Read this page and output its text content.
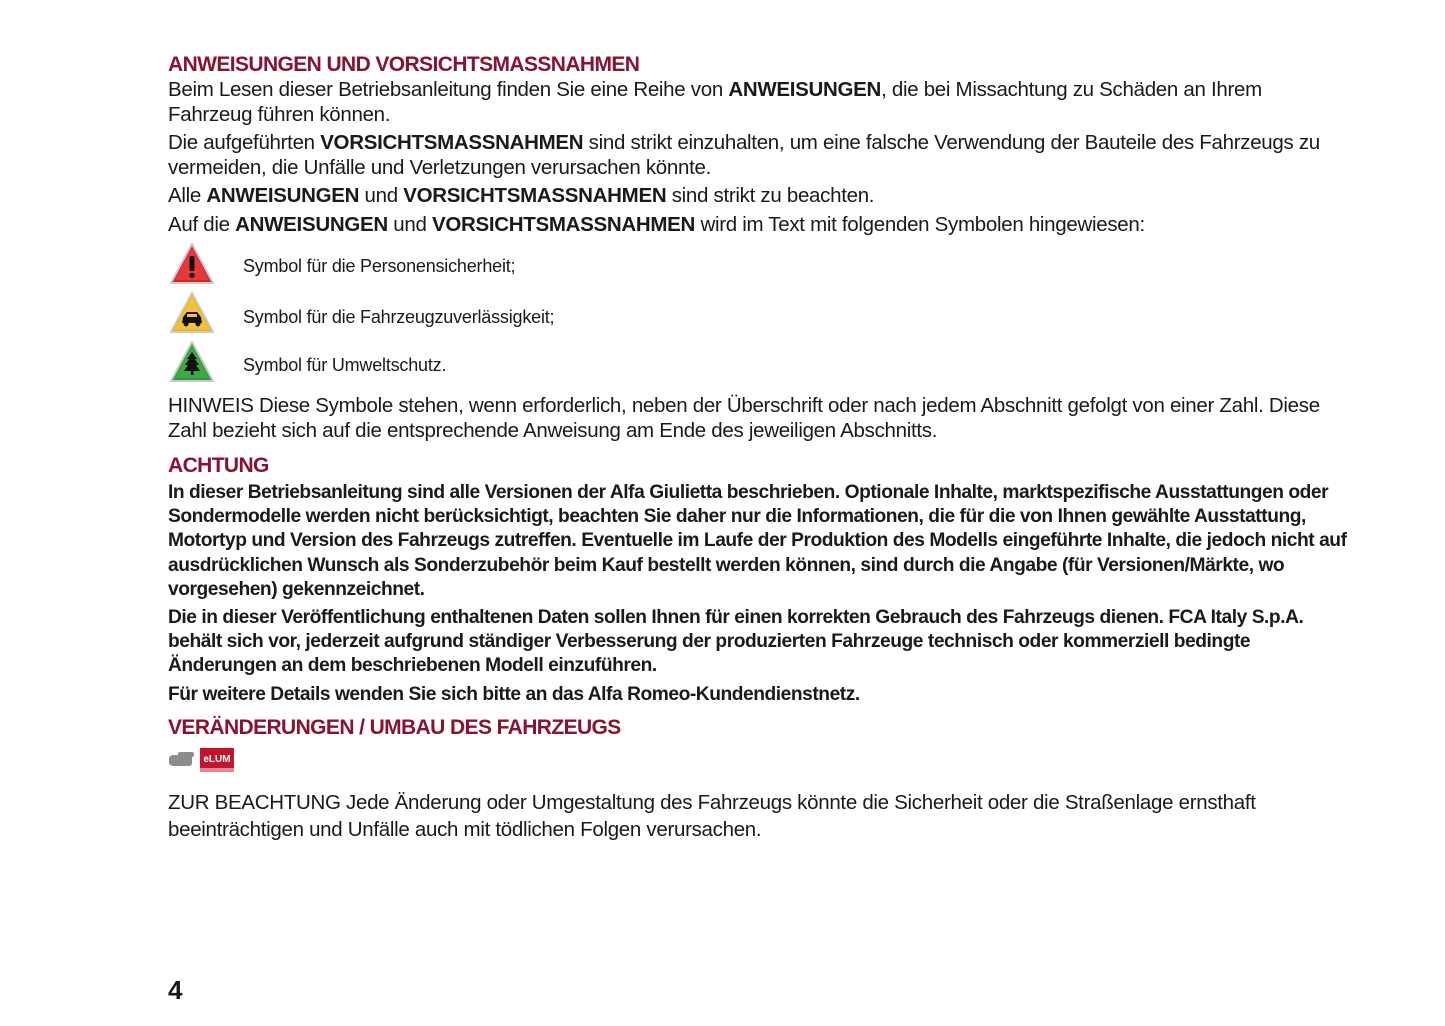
ANWEISUNGEN UND VORSICHTSMASSNAHMEN

Beim Lesen dieser Betriebsanleitung finden Sie eine Reihe von ANWEISUNGEN, die bei Missachtung zu Schäden an Ihrem Fahrzeug führen können.

Die aufgeführten VORSICHTSMASSNAHMEN sind strikt einzuhalten, um eine falsche Verwendung der Bauteile des Fahrzeugs zu vermeiden, die Unfälle und Verletzungen verursachen könnte.

Alle ANWEISUNGEN und VORSICHTSMASSNAHMEN sind strikt zu beachten.

Auf die ANWEISUNGEN und VORSICHTSMASSNAHMEN wird im Text mit folgenden Symbolen hingewiesen:

Symbol für die Personensicherheit;
Symbol für die Fahrzeugzuverlässigkeit;
Symbol für Umweltschutz.

HINWEIS Diese Symbole stehen, wenn erforderlich, neben der Überschrift oder nach jedem Abschnitt gefolgt von einer Zahl. Diese Zahl bezieht sich auf die entsprechende Anweisung am Ende des jeweiligen Abschnitts.

ACHTUNG

In dieser Betriebsanleitung sind alle Versionen der Alfa Giulietta beschrieben. Optionale Inhalte, marktspezifische Ausstattungen oder Sondermodelle werden nicht berücksichtigt, beachten Sie daher nur die Informationen, die für die von Ihnen gewählte Ausstattung, Motortyp und Version des Fahrzeugs zutreffen. Eventuelle im Laufe der Produktion des Modells eingeführte Inhalte, die jedoch nicht auf ausdrücklichen Wunsch als Sonderzubehör beim Kauf bestellt werden können, sind durch die Angabe (für Versionen/Märkte, wo vorgesehen) gekennzeichnet.

Die in dieser Veröffentlichung enthaltenen Daten sollen Ihnen für einen korrekten Gebrauch des Fahrzeugs dienen. FCA Italy S.p.A. behält sich vor, jederzeit aufgrund ständiger Verbesserung der produzierten Fahrzeuge technisch oder kommerziell bedingte Änderungen an dem beschriebenen Modell einzuführen.

Für weitere Details wenden Sie sich bitte an das Alfa Romeo-Kundendienstnetz.

VERÄNDERUNGEN / UMBAU DES FAHRZEUGS
eLUM

ZUR BEACHTUNG Jede Änderung oder Umgestaltung des Fahrzeugs könnte die Sicherheit oder die Straßenlage ernsthaft beeinträchtigen und Unfälle auch mit tödlichen Folgen verursachen.

4
